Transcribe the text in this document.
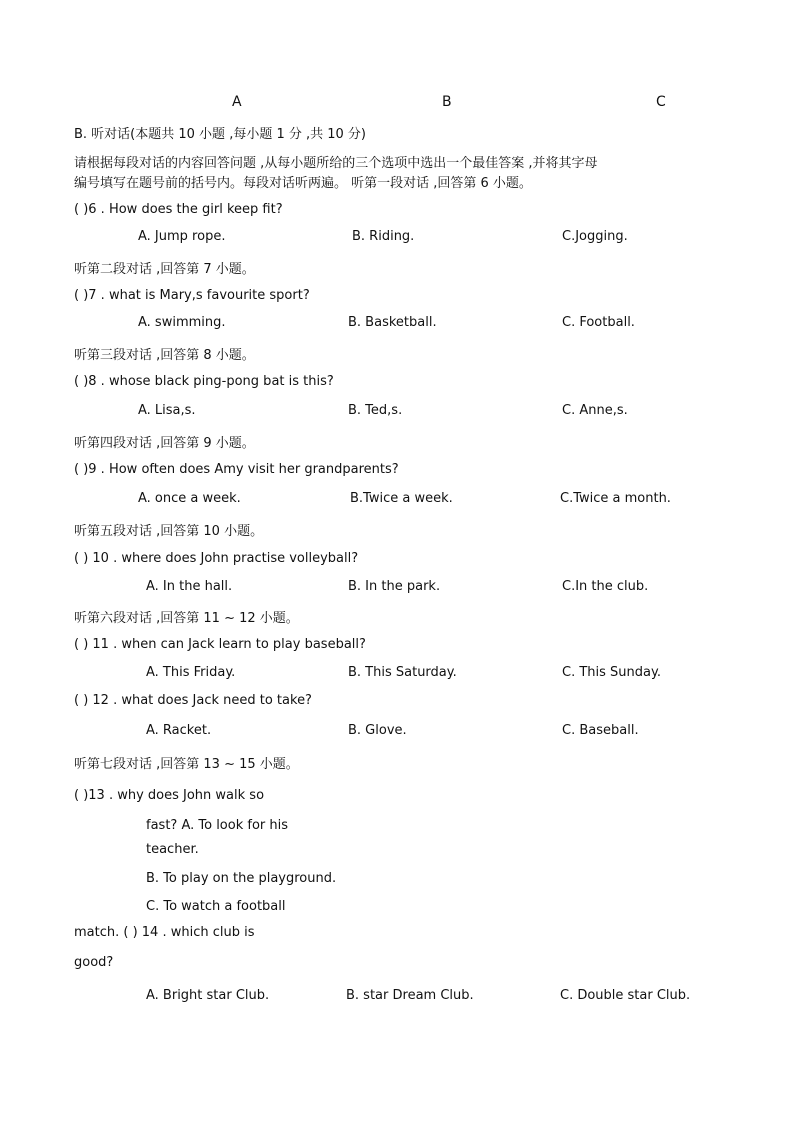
A	B	C
B. 听对话(本题共 10 小题 ,每小题 1 分 ,共 10 分)
请根据每段对话的内容回答问题 ,从每小题所给的三个选项中选出一个最佳答案 ,并将其字母
编号填写在题号前的括号内。每段对话听两遍。 听第一段对话 ,回答第 6 小题。
( )6 . How does the girl keep fit?
A. Jump rope.	B. Riding.	C.Jogging.
听第二段对话 ,回答第 7 小题。
( )7 . what is Mary,s favourite sport?
A. swimming.	B. Basketball.	C. Football.
听第三段对话 ,回答第 8 小题。
( )8 . whose black ping-pong bat is this?
A. Lisa,s.	B. Ted,s.	C. Anne,s.
听第四段对话 ,回答第 9 小题。
( )9 . How often does Amy visit her grandparents?
A. once a week.	B.Twice a week.	C.Twice a month.
听第五段对话 ,回答第 10 小题。
( ) 10 . where does John practise volleyball?
A. In the hall.	B. In the park.	C.In the club.
听第六段对话 ,回答第 11 ~ 12 小题。
( ) 11 . when can Jack learn to play baseball?
A. This Friday.	B. This Saturday.	C. This Sunday.
( ) 12 . what does Jack need to take?
A. Racket.	B. Glove.	C. Baseball.
听第七段对话 ,回答第 13 ~ 15 小题。
( )13 . why does John walk so
fast? A. To look for his
teacher.
B. To play on the playground.
C. To watch a football
match. ( ) 14 . which club is
good?
A. Bright star Club.	B. star Dream Club.	C. Double star Club.
